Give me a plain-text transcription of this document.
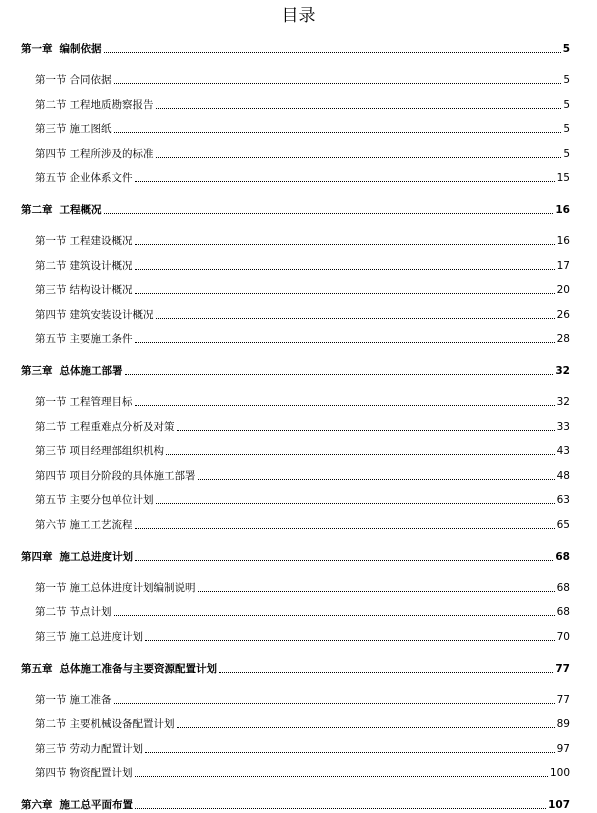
目录
第一章 编制依据	5
第一节 合同依据	5
第二节 工程地质勘察报告	5
第三节 施工图纸	5
第四节 工程所涉及的标准	5
第五节 企业体系文件	15
第二章 工程概况	16
第一节 工程建设概况	16
第二节 建筑设计概况	17
第三节 结构设计概况	20
第四节 建筑安装设计概况	26
第五节 主要施工条件	28
第三章 总体施工部署	32
第一节 工程管理目标	32
第二节 工程重难点分析及对策	33
第三节 项目经理部组织机构	43
第四节 项目分阶段的具体施工部署	48
第五节 主要分包单位计划	63
第六节 施工工艺流程	65
第四章 施工总进度计划	68
第一节 施工总体进度计划编制说明	68
第二节 节点计划	68
第三节 施工总进度计划	70
第五章 总体施工准备与主要资源配置计划	77
第一节 施工准备	77
第二节 主要机械设备配置计划	89
第三节 劳动力配置计划	97
第四节 物资配置计划	100
第六章 施工总平面布置	107
